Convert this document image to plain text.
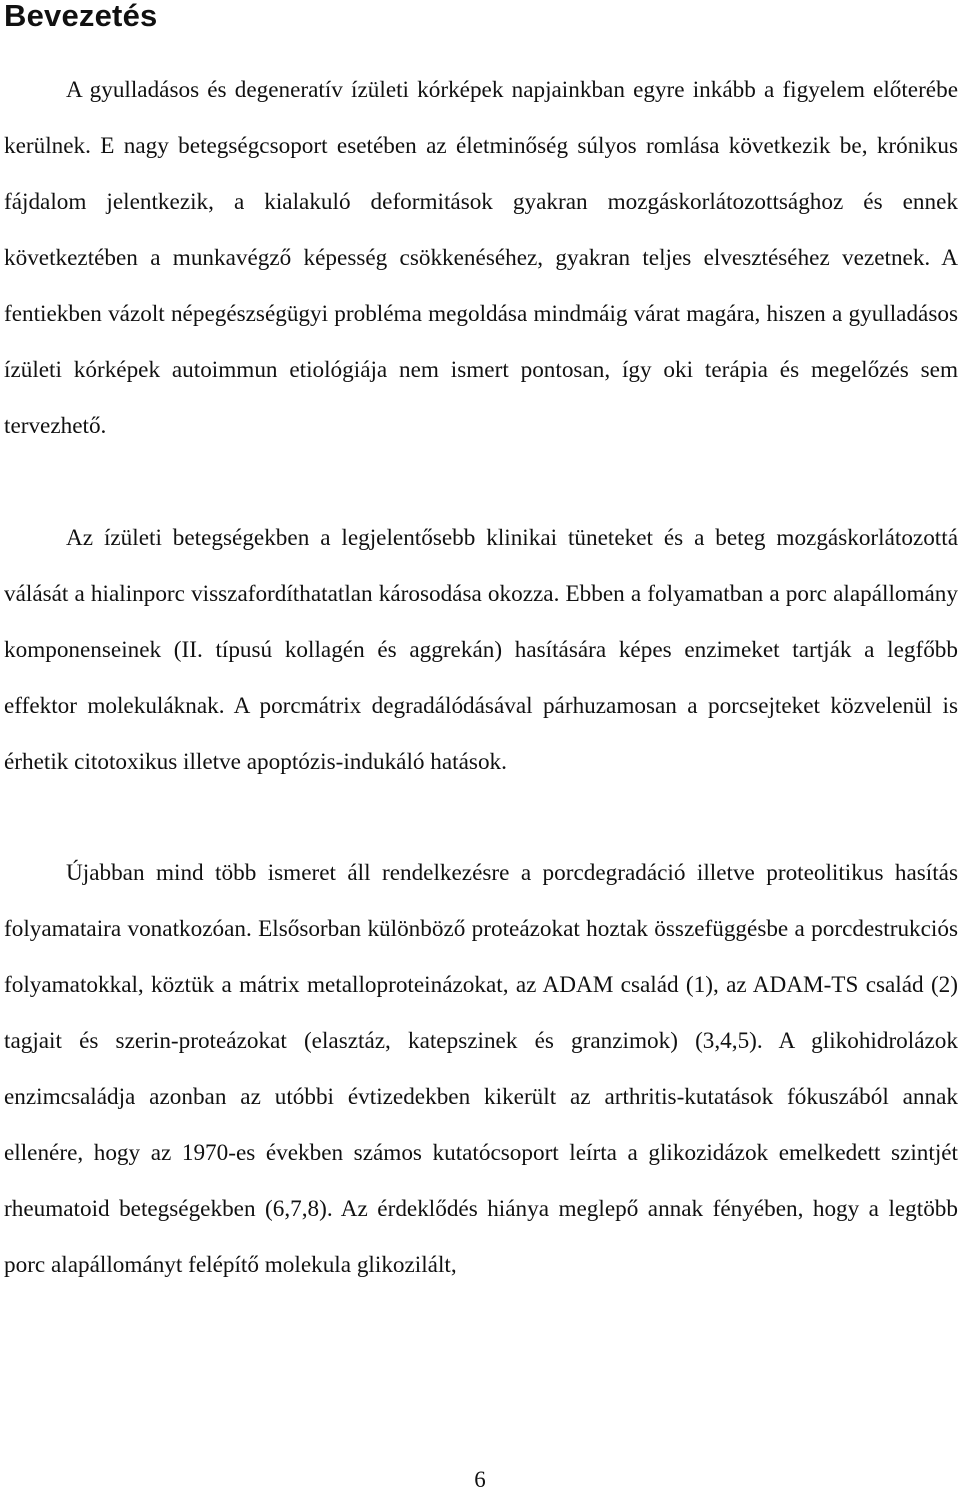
Bevezetés

A gyulladásos és degeneratív ízületi kórképek napjainkban egyre inkább a figyelem előterébe kerülnek. E nagy betegségcsoport esetében az életminőség súlyos romlása következik be, krónikus fájdalom jelentkezik, a kialakuló deformitások gyakran mozgáskorlátozottsághoz és ennek következtében a munkavégző képesség csökkenéséhez, gyakran teljes elvesztéséhez vezetnek. A fentiekben vázolt népegészségügyi probléma megoldása mindmáig várat magára, hiszen a gyulladásos ízületi kórképek autoimmun etiológiája nem ismert pontosan, így oki terápia és megelőzés sem tervezhető.

Az ízületi betegségekben a legjelentősebb klinikai tüneteket és a beteg mozgáskorlátozottá válását a hialinporc visszafordíthatatlan károsodása okozza. Ebben a folyamatban a porc alapállomány komponenseinek (II. típusú kollagén és aggrekán) hasítására képes enzimeket tartják a legfőbb effektor molekuláknak. A porcmátrix degradálódásával párhuzamosan a porcsejteket közvelenül is érhetik citotoxikus illetve apoptózis-indukáló hatások.

Újabban mind több ismeret áll rendelkezésre a porcdegradáció illetve proteolitikus hasítás folyamataira vonatkozóan. Elsősorban különböző proteázokat hoztak összefüggésbe a porcdestrukciós folyamatokkal, köztük a mátrix metalloproteinázokat, az ADAM család (1), az ADAM-TS család (2) tagjait és szerin-proteázokat (elasztáz, katepszinek és granzimok) (3,4,5). A glikohidrolázok enzimcsaládja azonban az utóbbi évtizedekben kikerült az arthritis-kutatások fókuszából annak ellenére, hogy az 1970-es években számos kutatócsoport leírta a glikozidázok emelkedett szintjét rheumatoid betegségekben (6,7,8). Az érdeklődés hiánya meglepő annak fényében, hogy a legtöbb porc alapállományt felépítő molekula glikozilált,

6
